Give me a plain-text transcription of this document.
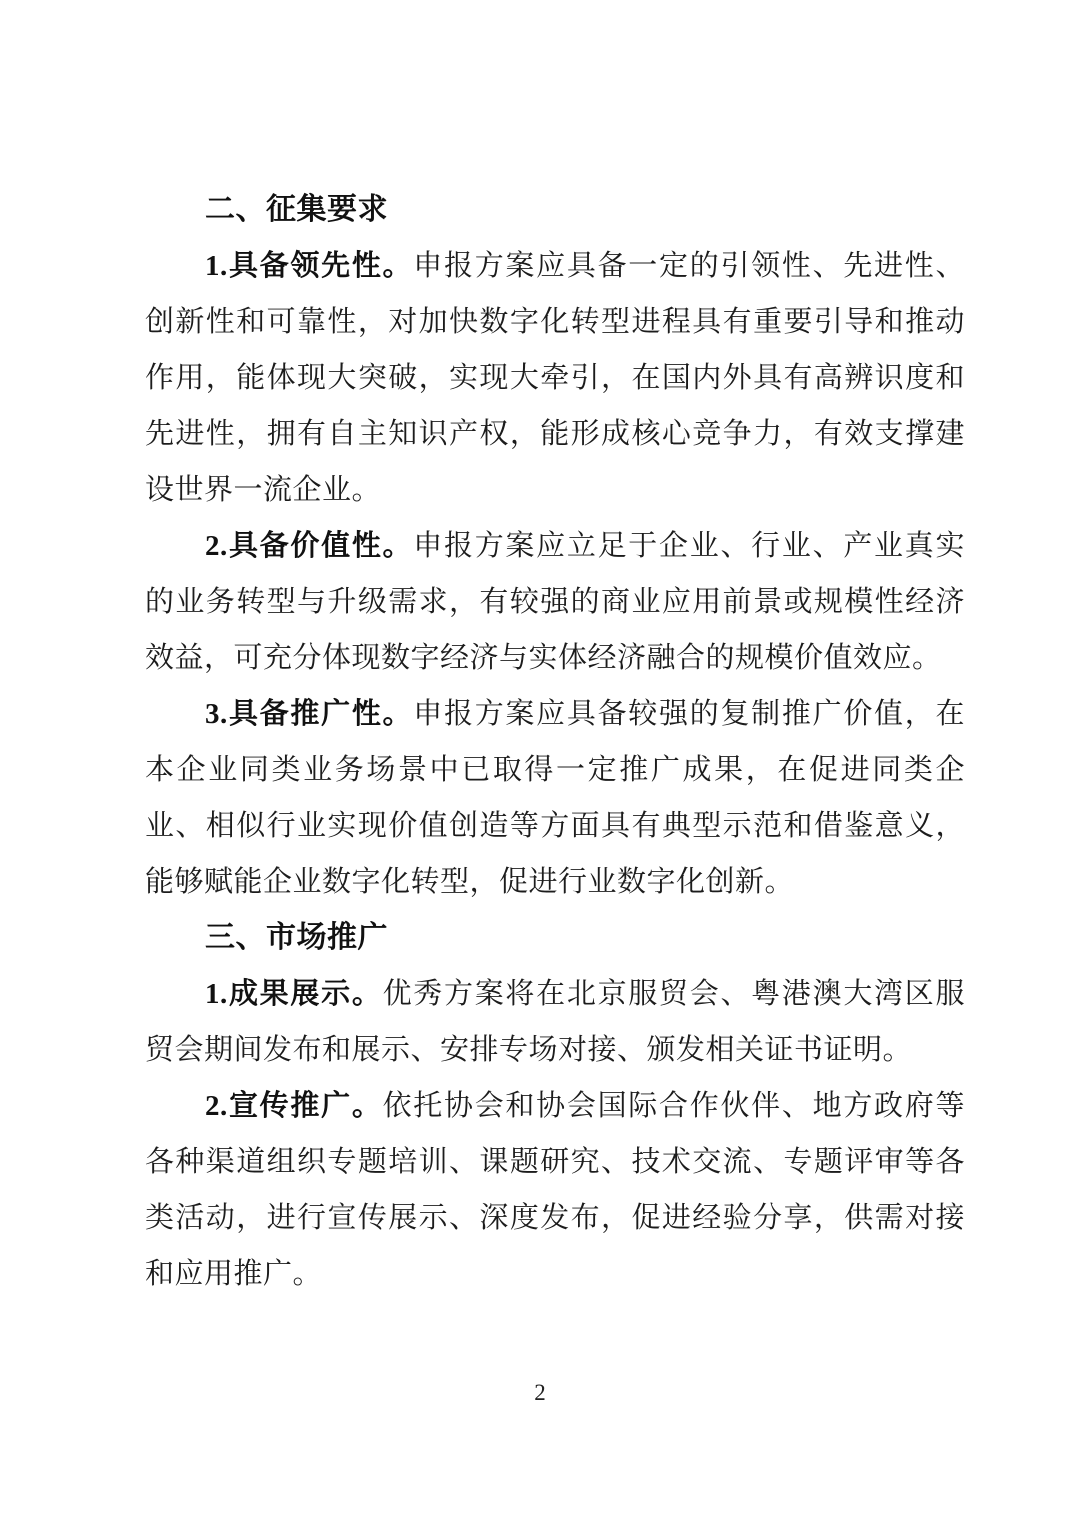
二、征集要求

1.具备领先性。申报方案应具备一定的引领性、先进性、创新性和可靠性，对加快数字化转型进程具有重要引导和推动作用，能体现大突破，实现大牵引，在国内外具有高辨识度和先进性，拥有自主知识产权，能形成核心竞争力，有效支撑建设世界一流企业。

2.具备价值性。申报方案应立足于企业、行业、产业真实的业务转型与升级需求，有较强的商业应用前景或规模性经济效益，可充分体现数字经济与实体经济融合的规模价值效应。

3.具备推广性。申报方案应具备较强的复制推广价值，在本企业同类业务场景中已取得一定推广成果，在促进同类企业、相似行业实现价值创造等方面具有典型示范和借鉴意义，能够赋能企业数字化转型，促进行业数字化创新。

三、市场推广

1.成果展示。优秀方案将在北京服贸会、粤港澳大湾区服贸会期间发布和展示、安排专场对接、颁发相关证书证明。

2.宣传推广。依托协会和协会国际合作伙伴、地方政府等各种渠道组织专题培训、课题研究、技术交流、专题评审等各类活动，进行宣传展示、深度发布，促进经验分享，供需对接和应用推广。

2
